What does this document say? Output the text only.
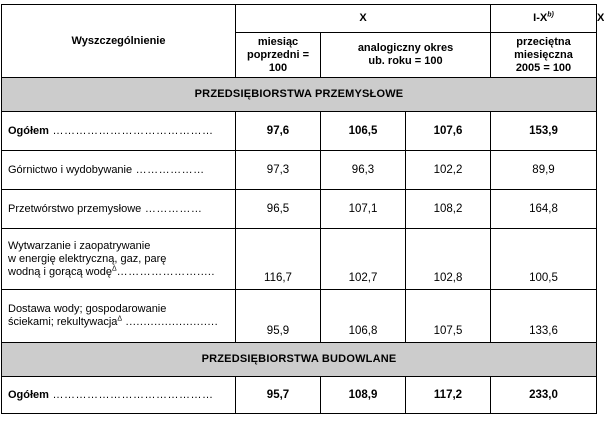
Wyszczególnienie	X			$I-X^{b)}$	X

	miesiąc poprzedni = 100	analogiczny okres ub. roku = 100		przeciętna miesięczna 2005 = 100	

PRZEDSIĘBIORSTWA PRZEMYSŁOWE					
Ogółem ……………………………………	97,6	106,5	107,6	153,9	
Górnictwo i wydobywanie ………………	97,3	96,3	102,2	89,9	
Przetwórstwo przemysłowe ……………	96,5	107,1	108,2	164,8	

Wytwarzanie i zaopatrywanie
w energię elektryczną, gaz, parę
wodną i gorącą wodę$^\Delta$………………….....	116,7	102,7	102,8	100,5	

Dostawa wody; gospodarowanie
ściekami; rekultywacja$^\Delta$ ..........................	95,9	106,8	107,5	133,6	
PRZEDSIĘBIORSTWA BUDOWLANE					
Ogółem ……………………………………	95,7	108,9	117,2	233,0	
